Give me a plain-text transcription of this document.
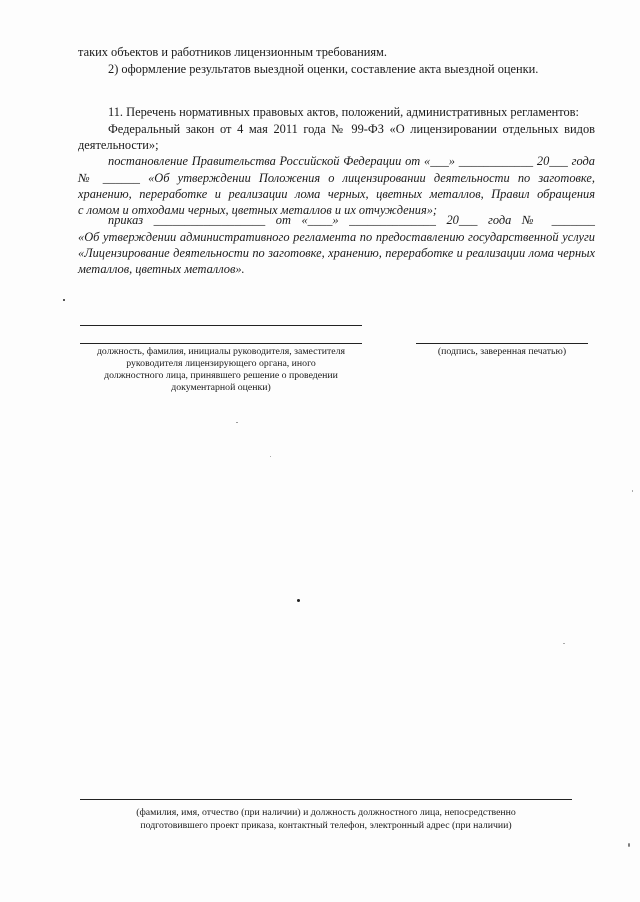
таких объектов и работников лицензионным требованиям.
2) оформление результатов выездной оценки, составление акта выездной оценки.
11. Перечень нормативных правовых актов, положений, административных регламентов:
Федеральный закон от 4 мая 2011 года № 99-ФЗ «О лицензировании отдельных видов
деятельности»;
постановление Правительства Российской Федерации от «___» ____________ 20___ года
№ ______ «Об утверждении Положения о лицензировании деятельности по заготовке,
хранению, переработке и реализации лома черных, цветных металлов, Правил обращения
с ломом и отходами черных, цветных металлов и их отчуждения»;
приказ __________________ от «____» ______________ 20___ года № _______
«Об утверждении административного регламента по предоставлению государственной услуги
«Лицензирование деятельности по заготовке, хранению, переработке и реализации лома черных
металлов, цветных металлов».
должность, фамилия, инициалы руководителя, заместителя
руководителя лицензирующего органа, иного
должностного лица, принявшего решение о проведении
документарной оценки)
(подпись, заверенная печатью)
(фамилия, имя, отчество (при наличии) и должность должностного лица, непосредственно
подготовившего проект приказа, контактный телефон, электронный адрес (при наличии)
